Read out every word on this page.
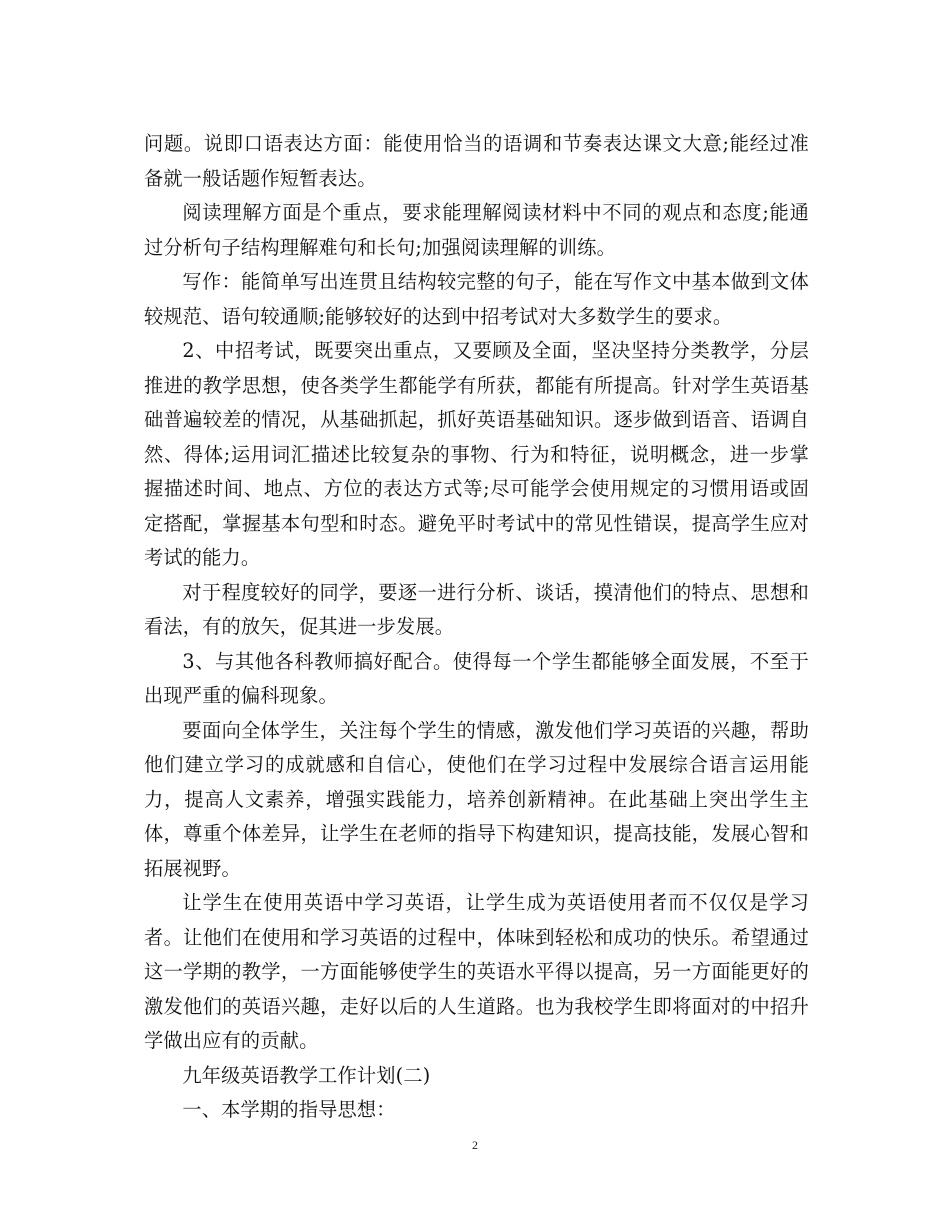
问题。说即口语表达方面：能使用恰当的语调和节奏表达课文大意;能经过准备就一般话题作短暂表达。

阅读理解方面是个重点，要求能理解阅读材料中不同的观点和态度;能通过分析句子结构理解难句和长句;加强阅读理解的训练。

写作：能简单写出连贯且结构较完整的句子，能在写作文中基本做到文体较规范、语句较通顺;能够较好的达到中招考试对大多数学生的要求。

2、中招考试，既要突出重点，又要顾及全面，坚决坚持分类教学，分层推进的教学思想，使各类学生都能学有所获，都能有所提高。针对学生英语基础普遍较差的情况，从基础抓起，抓好英语基础知识。逐步做到语音、语调自然、得体;运用词汇描述比较复杂的事物、行为和特征，说明概念，进一步掌握描述时间、地点、方位的表达方式等;尽可能学会使用规定的习惯用语或固定搭配，掌握基本句型和时态。避免平时考试中的常见性错误，提高学生应对考试的能力。

对于程度较好的同学，要逐一进行分析、谈话，摸清他们的特点、思想和看法，有的放矢，促其进一步发展。

3、与其他各科教师搞好配合。使得每一个学生都能够全面发展，不至于出现严重的偏科现象。

要面向全体学生，关注每个学生的情感，激发他们学习英语的兴趣，帮助他们建立学习的成就感和自信心，使他们在学习过程中发展综合语言运用能力，提高人文素养，增强实践能力，培养创新精神。在此基础上突出学生主体，尊重个体差异，让学生在老师的指导下构建知识，提高技能，发展心智和拓展视野。

让学生在使用英语中学习英语，让学生成为英语使用者而不仅仅是学习者。让他们在使用和学习英语的过程中，体味到轻松和成功的快乐。希望通过这一学期的教学，一方面能够使学生的英语水平得以提高，另一方面能更好的激发他们的英语兴趣，走好以后的人生道路。也为我校学生即将面对的中招升学做出应有的贡献。

九年级英语教学工作计划(二)

一、本学期的指导思想：

2
